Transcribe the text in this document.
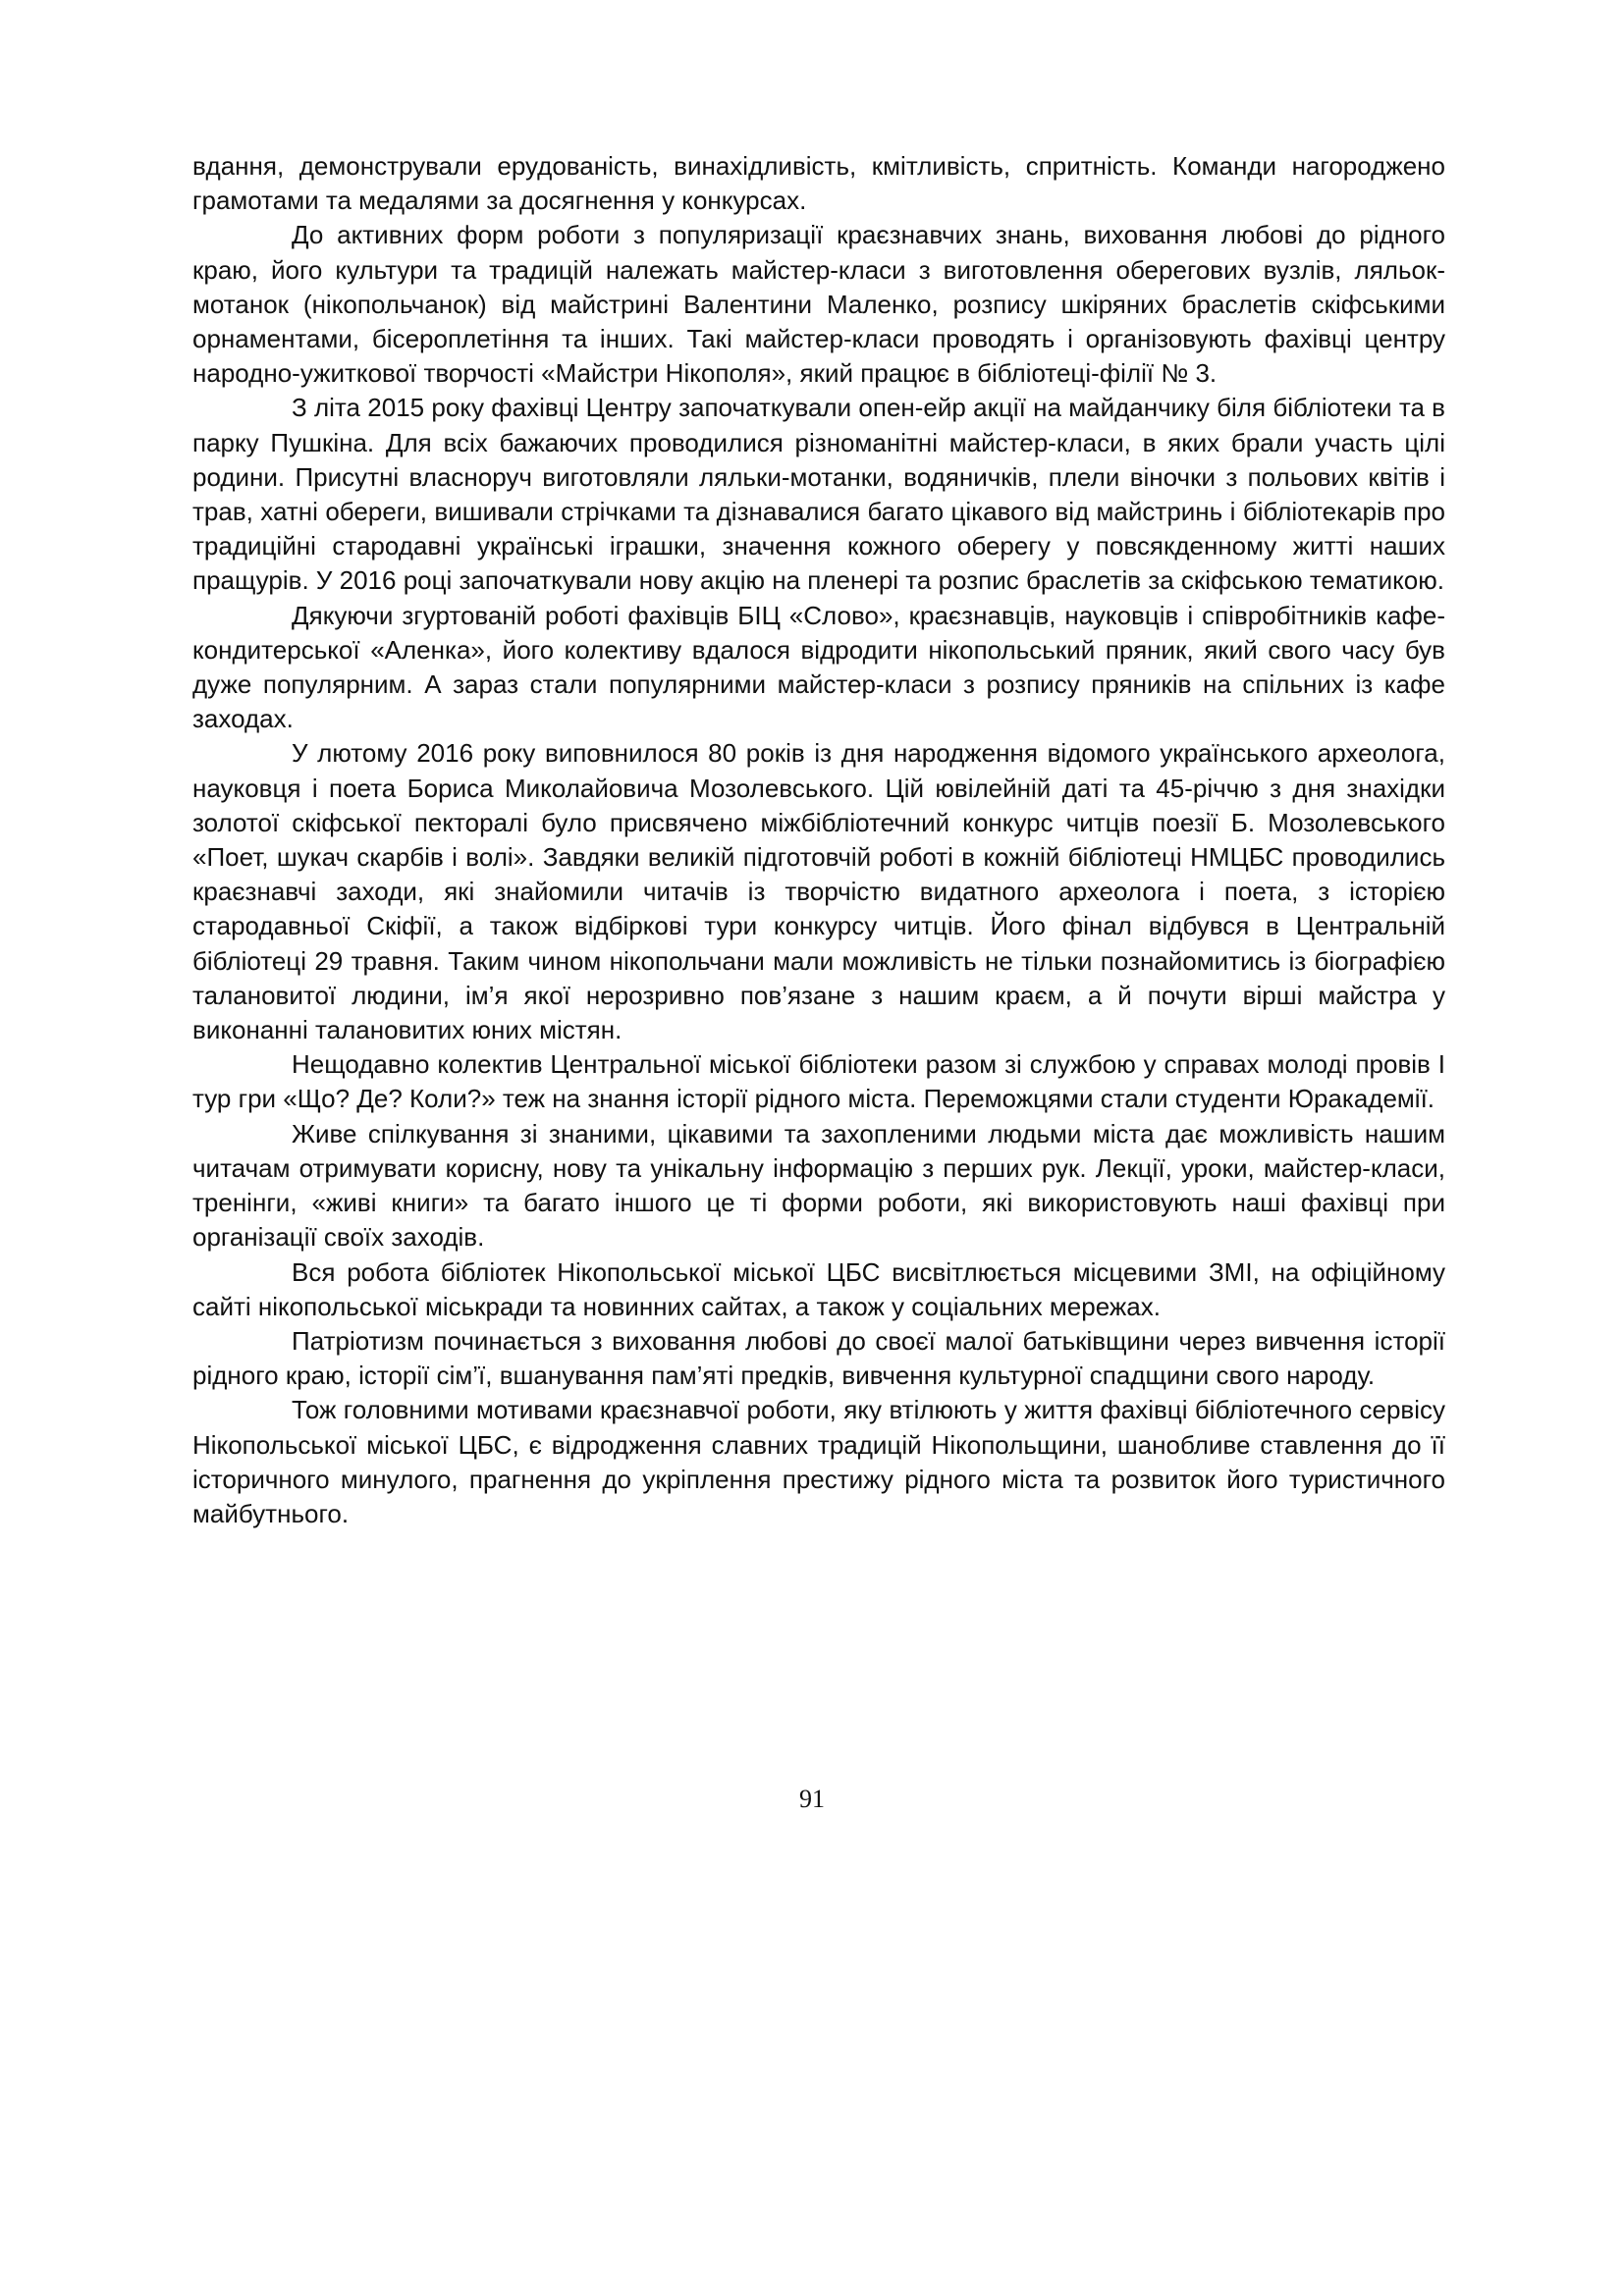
вдання, демонстрували ерудованість, винахідливість, кмітливість, спритність. Команди нагороджено грамотами та медалями за досягнення у конкурсах.

До активних форм роботи з популяризації краєзнавчих знань, виховання любові до рідного краю, його культури та традицій належать майстер-класи з виготовлення оберегових вузлів, ляльок-мотанок (нікопольчанок) від майстрині Валентини Маленко, розпису шкіряних браслетів скіфськими орнаментами, бісероплетіння та інших. Такі майстер-класи проводять і організовують фахівці центру народно-ужиткової творчості «Майстри Нікополя», який працює в бібліотеці-філії № 3.

З літа 2015 року фахівці Центру започаткували опен-ейр акції на майданчику біля бібліотеки та в парку Пушкіна. Для всіх бажаючих проводилися різноманітні майстер-класи, в яких брали участь цілі родини. Присутні власноруч виготовляли ляльки-мотанки, водяничків, плели віночки з польових квітів і трав, хатні обереги, вишивали стрічками та дізнавалися багато цікавого від майстринь і бібліотекарів про традиційні стародавні українські іграшки, значення кожного оберегу у повсякденному житті наших пращурів. У 2016 році започаткували нову акцію на пленері та розпис браслетів за скіфською тематикою.

Дякуючи згуртованій роботі фахівців БІЦ «Слово», краєзнавців, науковців і співробітників кафе-кондитерської «Аленка», його колективу вдалося відродити нікопольський пряник, який свого часу був дуже популярним. А зараз стали популярними майстер-класи з розпису пряників на спільних із кафе заходах.

У лютому 2016 року виповнилося 80 років із дня народження відомого українського археолога, науковця і поета Бориса Миколайовича Мозолевського. Цій ювілейній даті та 45-річчю з дня знахідки золотої скіфської пекторалі було присвячено міжбібліотечний конкурс читців поезії Б. Мозолевського «Поет, шукач скарбів і волі». Завдяки великій підготовчій роботі в кожній бібліотеці НМЦБС проводились краєзнавчі заходи, які знайомили читачів із творчістю видатного археолога і поета, з історією стародавньої Скіфії, а також відбіркові тури конкурсу читців. Його фінал відбувся в Центральній бібліотеці 29 травня. Таким чином нікопольчани мали можливість не тільки познайомитись із біографією талановитої людини, ім’я якої нерозривно пов’язане з нашим краєм, а й почути вірші майстра у виконанні талановитих юних містян.

Нещодавно колектив Центральної міської бібліотеки разом зі службою у справах молоді провів І тур гри «Що? Де? Коли?» теж на знання історії рідного міста. Переможцями стали студенти Юракадемії.

Живе спілкування зі знаними, цікавими та захопленими людьми міста дає можливість нашим читачам отримувати корисну, нову та унікальну інформацію з перших рук. Лекції, уроки, майстер-класи, тренінги, «живі книги» та багато іншого це ті форми роботи, які використовують наші фахівці при організації своїх заходів.

Вся робота бібліотек Нікопольської міської ЦБС висвітлюється місцевими ЗМІ, на офіційному сайті нікопольської міськради та новинних сайтах, а також у соціальних мережах.

Патріотизм починається з виховання любові до своєї малої батьківщини через вивчення історії рідного краю, історії сім’ї, вшанування пам’яті предків, вивчення культурної спадщини свого народу.

Тож головними мотивами краєзнавчої роботи, яку втілюють у життя фахівці бібліотечного сервісу Нікопольської міської ЦБС, є відродження славних традицій Нікопольщини, шанобливе ставлення до її історичного минулого, прагнення до укріплення престижу рідного міста та розвиток його туристичного майбутнього.

91
